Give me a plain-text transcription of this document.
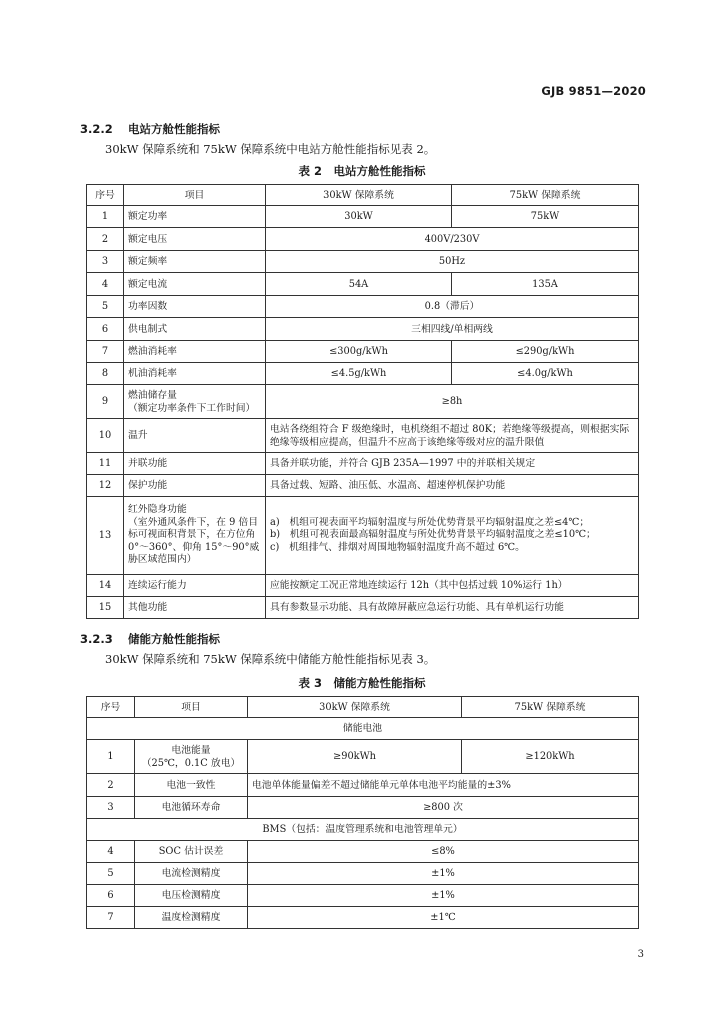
GJB 9851—2020
3.2.2 电站方舱性能指标
30kW 保障系统和 75kW 保障系统中电站方舱性能指标见表 2。
表 2　电站方舱性能指标
序号	项目	30kW 保障系统	75kW 保障系统
1	额定功率	30kW	75kW
2	额定电压	400V/230V	
3	额定频率	50Hz	
4	额定电流	54A	135A
5	功率因数	0.8（滞后）	
6	供电制式	三相四线/单相两线	
7	燃油消耗率	≤300g/kWh	≤290g/kWh
8	机油消耗率	≤4.5g/kWh	≤4.0g/kWh
9	燃油储存量
（额定功率条件下工作时间）	≥8h	
10	温升	电站各绕组符合 F 级绝缘时，电机绕组不超过 80K；若绝缘等级提高，则根据实际绝缘等级相应提高，但温升不应高于该绝缘等级对应的温升限值	
11	并联功能	具备并联功能，并符合 GJB 235A—1997 中的并联相关规定	
12	保护功能	具备过载、短路、油压低、水温高、超速停机保护功能	
13	红外隐身功能
（室外通风条件下，在 9 倍目标可视面积背景下，在方位角 0°～360°、仰角 15°～90°威胁区域范围内）	a)　机组可视表面平均辐射温度与所处优势背景平均辐射温度之差≤4℃；
b)　机组可视表面最高辐射温度与所处优势背景平均辐射温度之差≤10℃；
c)　机组排气、排烟对周围地物辐射温度升高不超过 6℃。	
14	连续运行能力	应能按额定工况正常地连续运行 12h（其中包括过载 10%运行 1h）	
15	其他功能	具有参数显示功能、具有故障屏蔽应急运行功能、具有单机运行功能	
3.2.3 储能方舱性能指标
30kW 保障系统和 75kW 保障系统中储能方舱性能指标见表 3。
表 3　储能方舱性能指标
序号	项目	30kW 保障系统	75kW 保障系统
储能电池			
1	电池能量
（25℃，0.1C 放电）	≥90kWh	≥120kWh
2	电池一致性	电池单体能量偏差不超过储能单元单体电池平均能量的±3%	
3	电池循环寿命	≥800 次	
BMS（包括：温度管理系统和电池管理单元）			
4	SOC 估计误差	≤8%	
5	电流检测精度	±1%	
6	电压检测精度	±1%	
7	温度检测精度	±1℃	
3
